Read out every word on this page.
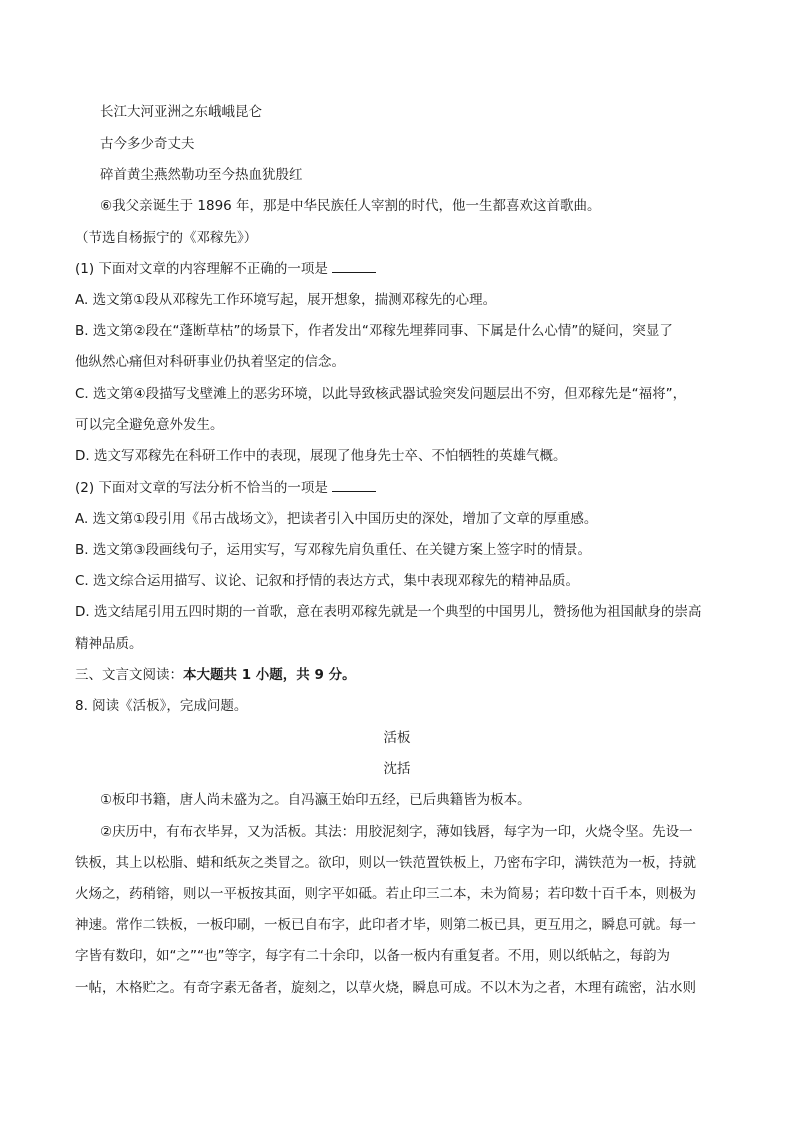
长江大河亚洲之东峨峨昆仑
古今多少奇丈夫
碎首黄尘燕然勒功至今热血犹殷红
⑥我父亲诞生于 1896 年，那是中华民族任人宰割的时代，他一生都喜欢这首歌曲。
（节选自杨振宁的《邓稼先》）
(1) 下面对文章的内容理解不正确的一项是
A. 选文第①段从邓稼先工作环境写起，展开想象，揣测邓稼先的心理。
B. 选文第②段在“蓬断草枯”的场景下，作者发出“邓稼先埋葬同事、下属是什么心情”的疑问，突显了
他纵然心痛但对科研事业仍执着坚定的信念。
C. 选文第④段描写戈壁滩上的恶劣环境，以此导致核武器试验突发问题层出不穷，但邓稼先是“福将”，
可以完全避免意外发生。
D. 选文写邓稼先在科研工作中的表现，展现了他身先士卒、不怕牺牲的英雄气概。
(2) 下面对文章的写法分析不恰当的一项是
A. 选文第①段引用《吊古战场文》，把读者引入中国历史的深处，增加了文章的厚重感。
B. 选文第③段画线句子，运用实写，写邓稼先肩负重任、在关键方案上签字时的情景。
C. 选文综合运用描写、议论、记叙和抒情的表达方式，集中表现邓稼先的精神品质。
D. 选文结尾引用五四时期的一首歌，意在表明邓稼先就是一个典型的中国男儿，赞扬他为祖国献身的崇高
精神品质。
三、文言文阅读：本大题共 1 小题，共 9 分。
8. 阅读《活板》，完成问题。
活板
沈括
①板印书籍，唐人尚未盛为之。自冯瀛王始印五经，已后典籍皆为板本。
②庆历中，有布衣毕昇，又为活板。其法：用胶泥刻字，薄如钱唇，每字为一印，火烧令坚。先设一
铁板，其上以松脂、蜡和纸灰之类冒之。欲印，则以一铁范置铁板上，乃密布字印，满铁范为一板，持就
火炀之，药稍镕，则以一平板按其面，则字平如砥。若止印三二本，未为简易；若印数十百千本，则极为
神速。常作二铁板，一板印刷，一板已自布字，此印者才毕，则第二板已具，更互用之，瞬息可就。每一
字皆有数印，如“之”“也”等字，每字有二十余印，以备一板内有重复者。不用，则以纸帖之，每韵为
一帖，木格贮之。有奇字素无备者，旋刻之，以草火烧，瞬息可成。不以木为之者，木理有疏密，沾水则
